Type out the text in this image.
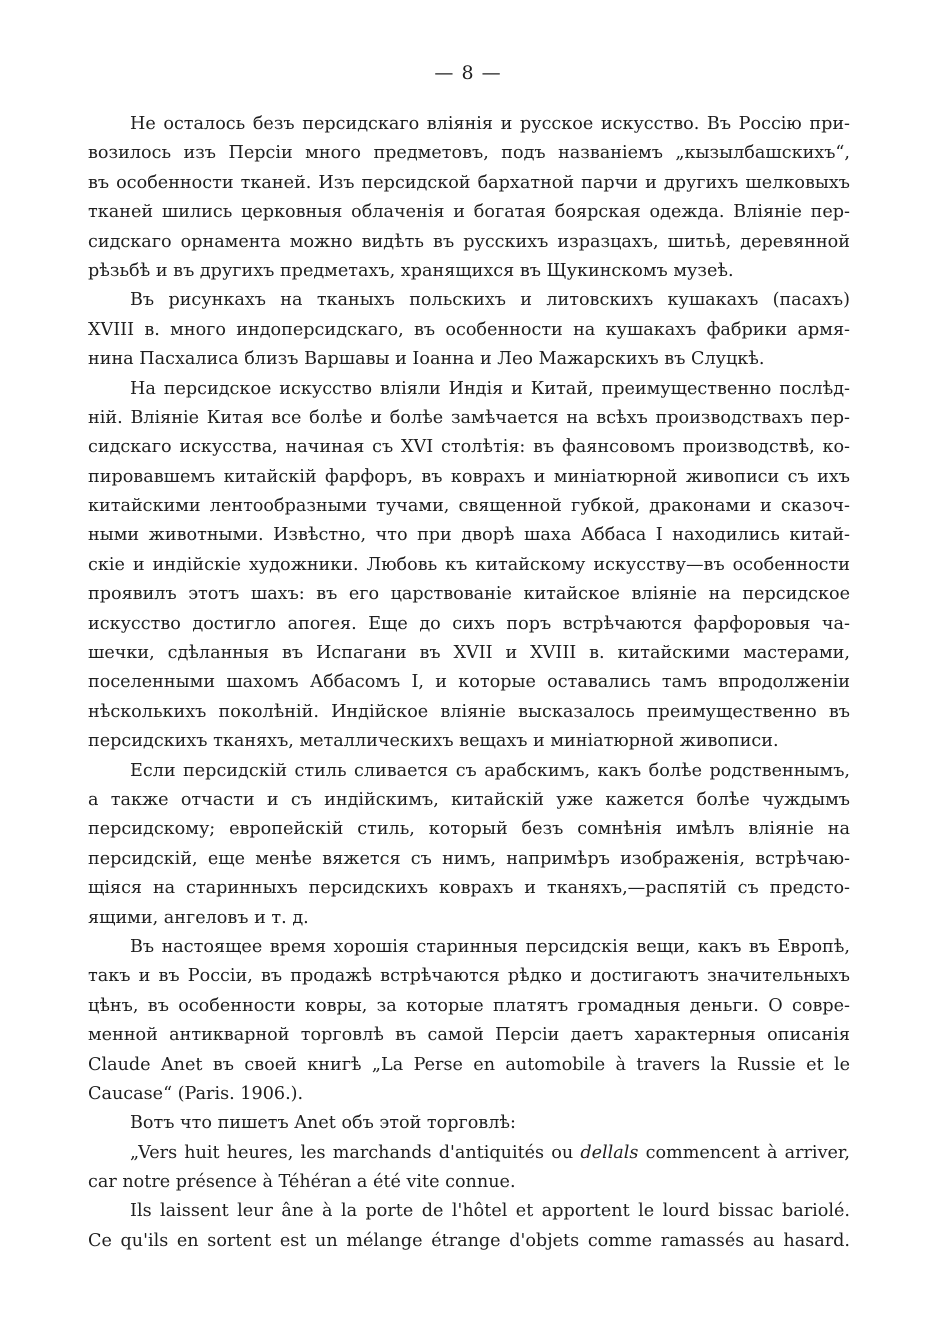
— 8 —
Не осталось безъ персидскаго влiянiя и русское искусство. Въ Россiю при-
возилось изъ Персiи много предметовъ, подъ названiемъ „кызылбашскихъ“,
въ особенности тканей. Изъ персидской бархатной парчи и другихъ шелковыхъ
тканей шились церковныя облаченiя и богатая боярская одежда. Влiянiе пер-
сидскаго орнамента можно видѣть въ русскихъ изразцахъ, шитьѣ, деревянной
рѣзьбѣ и въ другихъ предметахъ, хранящихся въ Щукинскомъ музеѣ.
Въ рисункахъ на тканыхъ польскихъ и литовскихъ кушакахъ (пасахъ)
XVIII в. много индоперсидскаго, въ особенности на кушакахъ фабрики армя-
нина Пасхалиса близъ Варшавы и Iоанна и Лео Мажарскихъ въ Слуцкѣ.
На персидское искусство влiяли Индiя и Китай, преимущественно послѣд-
нiй. Влiянiе Китая все болѣе и болѣе замѣчается на всѣхъ производствахъ пер-
сидскаго искусства, начиная съ XVI столѣтiя: въ фаянсовомъ производствѣ, ко-
пировавшемъ китайскiй фарфоръ, въ коврахъ и миніатюрной живописи съ ихъ
китайскими лентообразными тучами, священной губкой, драконами и сказоч-
ными животными. Извѣстно, что при дворѣ шаха Аббаса I находились китай-
скiе и индiйскiе художники. Любовь къ китайскому искусству—въ особенности
проявилъ этотъ шахъ: въ его царствованiе китайское влiянiе на персидское
искусство достигло апогея. Еще до сихъ поръ встрѣчаются фарфоровыя ча-
шечки, сдѣланныя въ Испагани въ XVII и XVIII в. китайскими мастерами,
поселенными шахомъ Аббасомъ I, и которые оставались тамъ впродолженiи
нѣсколькихъ поколѣнiй. Индiйское влiянiе высказалось преимущественно въ
персидскихъ тканяхъ, металлическихъ вещахъ и миніатюрной живописи.
Если персидскiй стиль сливается съ арабскимъ, какъ болѣе родственнымъ,
а также отчасти и съ индiйскимъ, китайскiй уже кажется болѣе чуждымъ
персидскому; европейскiй стиль, который безъ сомнѣнiя имѣлъ влiянiе на
персидскiй, еще менѣе вяжется съ нимъ, напримѣръ изображенiя, встрѣчаю-
щiяся на старинныхъ персидскихъ коврахъ и тканяхъ,—распятiй съ предсто-
ящими, ангеловъ и т. д.
Въ настоящее время хорошiя старинныя персидскiя вещи, какъ въ Европѣ,
такъ и въ Россiи, въ продажѣ встрѣчаются рѣдко и достигаютъ значительныхъ
цѣнъ, въ особенности ковры, за которые платятъ громадныя деньги. О совре-
менной антикварной торговлѣ въ самой Персiи даетъ характерныя описанiя
Claude Anet въ своей книгѣ „La Perse en automobile à travers la Russie et le
Caucase“ (Paris. 1906.).
Вотъ что пишетъ Anet объ этой торговлѣ:
„Vers huit heures, les marchands d'antiquités ou dellals commencent à arriver,
car notre présence à Téhéran a été vite connue.
Ils laissent leur âne à la porte de l'hôtel et apportent le lourd bissac bariolé.
Ce qu'ils en sortent est un mélange étrange d'objets comme ramassés au hasard.
